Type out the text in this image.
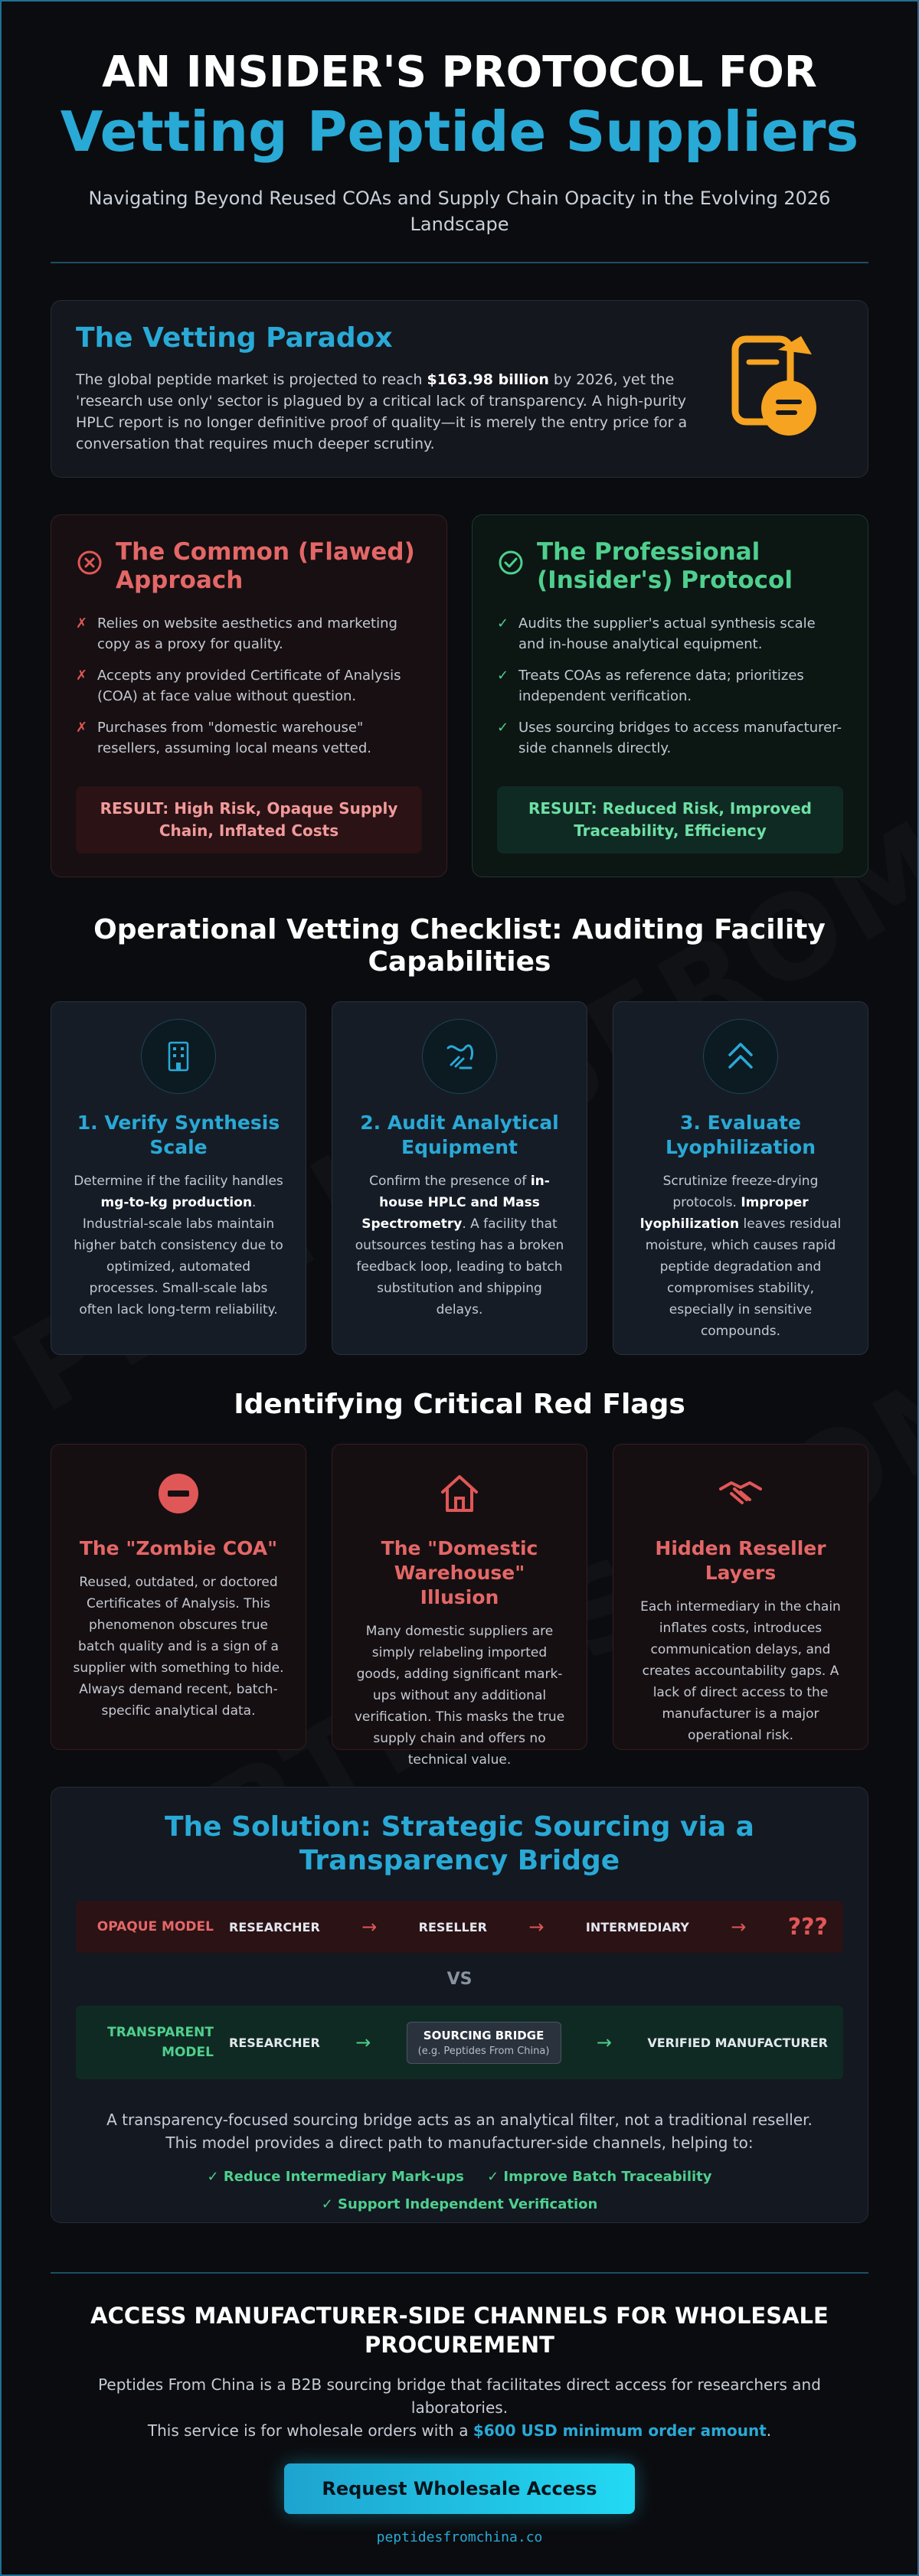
AN INSIDER'S PROTOCOL FOR
Vetting Peptide Suppliers

Navigating Beyond Reused COAs and Supply Chain Opacity in the Evolving 2026 Landscape

The Vetting Paradox

The global peptide market is projected to reach $163.98 billion by 2026, yet the 'research use only' sector is plagued by a critical lack of transparency. A high-purity HPLC report is no longer definitive proof of quality—it is merely the entry price for a conversation that requires much deeper scrutiny.

The Common (Flawed) Approach
✗ Relies on website aesthetics and marketing copy as a proxy for quality.
✗ Accepts any provided Certificate of Analysis (COA) at face value without question.
✗ Purchases from "domestic warehouse" resellers, assuming local means vetted.
RESULT: High Risk, Opaque Supply Chain, Inflated Costs
The Professional (Insider's) Protocol
✓ Audits the supplier's actual synthesis scale and in-house analytical equipment.
✓ Treats COAs as reference data; prioritizes independent verification.
✓ Uses sourcing bridges to access manufacturer-side channels directly.
RESULT: Reduced Risk, Improved Traceability, Efficiency
Operational Vetting Checklist: Auditing Facility Capabilities
1. Verify Synthesis Scale

Determine if the facility handles mg-to-kg production. Industrial-scale labs maintain higher batch consistency due to optimized, automated processes. Small-scale labs often lack long-term reliability.

2. Audit Analytical Equipment

Confirm the presence of in-house HPLC and Mass Spectrometry. A facility that outsources testing has a broken feedback loop, leading to batch substitution and shipping delays.

3. Evaluate Lyophilization

Scrutinize freeze-drying protocols. Improper lyophilization leaves residual moisture, which causes rapid peptide degradation and compromises stability, especially in sensitive compounds.

Identifying Critical Red Flags
The "Zombie COA"

Reused, outdated, or doctored Certificates of Analysis. This phenomenon obscures true batch quality and is a sign of a supplier with something to hide. Always demand recent, batch-specific analytical data.

The "Domestic Warehouse" Illusion

Many domestic suppliers are simply relabeling imported goods, adding significant mark-ups without any additional verification. This masks the true supply chain and offers no technical value.

Hidden Reseller Layers

Each intermediary in the chain inflates costs, introduces communication delays, and creates accountability gaps. A lack of direct access to the manufacturer is a major operational risk.

The Solution: Strategic Sourcing via a Transparency Bridge
OPAQUE MODEL	RESEARCHER →	RESELLER →	INTERMEDIARY → ???
VS
TRANSPARENT MODEL
RESEARCHER →	SOURCING BRIDGE
(e.g. Peptides From China)	→	VERIFIED MANUFACTURER

A transparency-focused sourcing bridge acts as an analytical filter, not a traditional reseller. This model provides a direct path to manufacturer-side channels, helping to:

✓ Reduce Intermediary Mark-ups ✓ Improve Batch Traceability
✓ Support Independent Verification
ACCESS MANUFACTURER-SIDE CHANNELS FOR WHOLESALE PROCUREMENT

Peptides From China is a B2B sourcing bridge that facilitates direct access for researchers and laboratories.
This service is for wholesale orders with a $600 USD minimum order amount.

Request Wholesale Access
peptidesfromchina.co
